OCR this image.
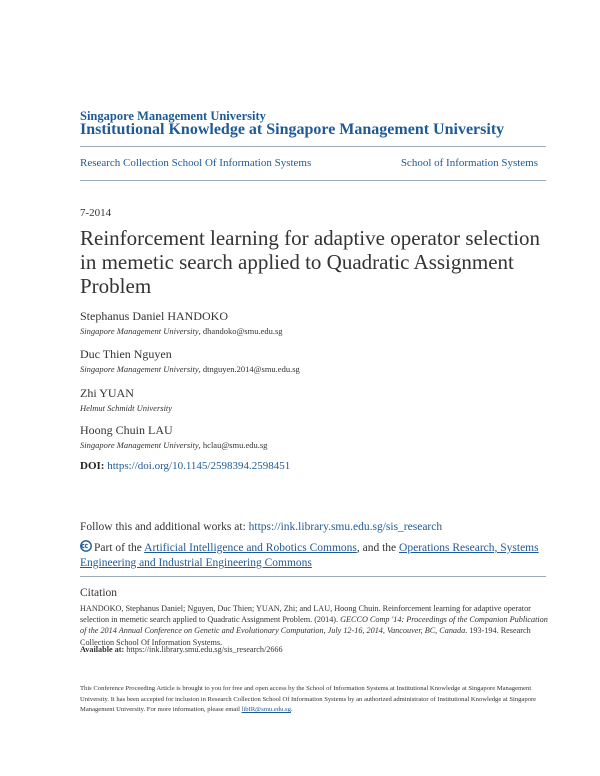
Singapore Management University
Institutional Knowledge at Singapore Management University
Research Collection School Of Information Systems	School of Information Systems
7-2014
Reinforcement learning for adaptive operator selection in memetic search applied to Quadratic Assignment Problem
Stephanus Daniel HANDOKO
Singapore Management University, dhandoko@smu.edu.sg
Duc Thien Nguyen
Singapore Management University, dtnguyen.2014@smu.edu.sg
Zhi YUAN
Helmut Schmidt University
Hoong Chuin LAU
Singapore Management University, hclau@smu.edu.sg
DOI: https://doi.org/10.1145/2598394.2598451
Follow this and additional works at: https://ink.library.smu.edu.sg/sis_research
Part of the Artificial Intelligence and Robotics Commons, and the Operations Research, Systems Engineering and Industrial Engineering Commons
Citation
HANDOKO, Stephanus Daniel; Nguyen, Duc Thien; YUAN, Zhi; and LAU, Hoong Chuin. Reinforcement learning for adaptive operator selection in memetic search applied to Quadratic Assignment Problem. (2014). GECCO Comp '14: Proceedings of the Companion Publication of the 2014 Annual Conference on Genetic and Evolutionary Computation, July 12-16, 2014, Vancouver, BC, Canada. 193-194. Research Collection School Of Information Systems.
Available at: https://ink.library.smu.edu.sg/sis_research/2666
This Conference Proceeding Article is brought to you for free and open access by the School of Information Systems at Institutional Knowledge at Singapore Management University. It has been accepted for inclusion in Research Collection School Of Information Systems by an authorized administrator of Institutional Knowledge at Singapore Management University. For more information, please email libIR@smu.edu.sg.
